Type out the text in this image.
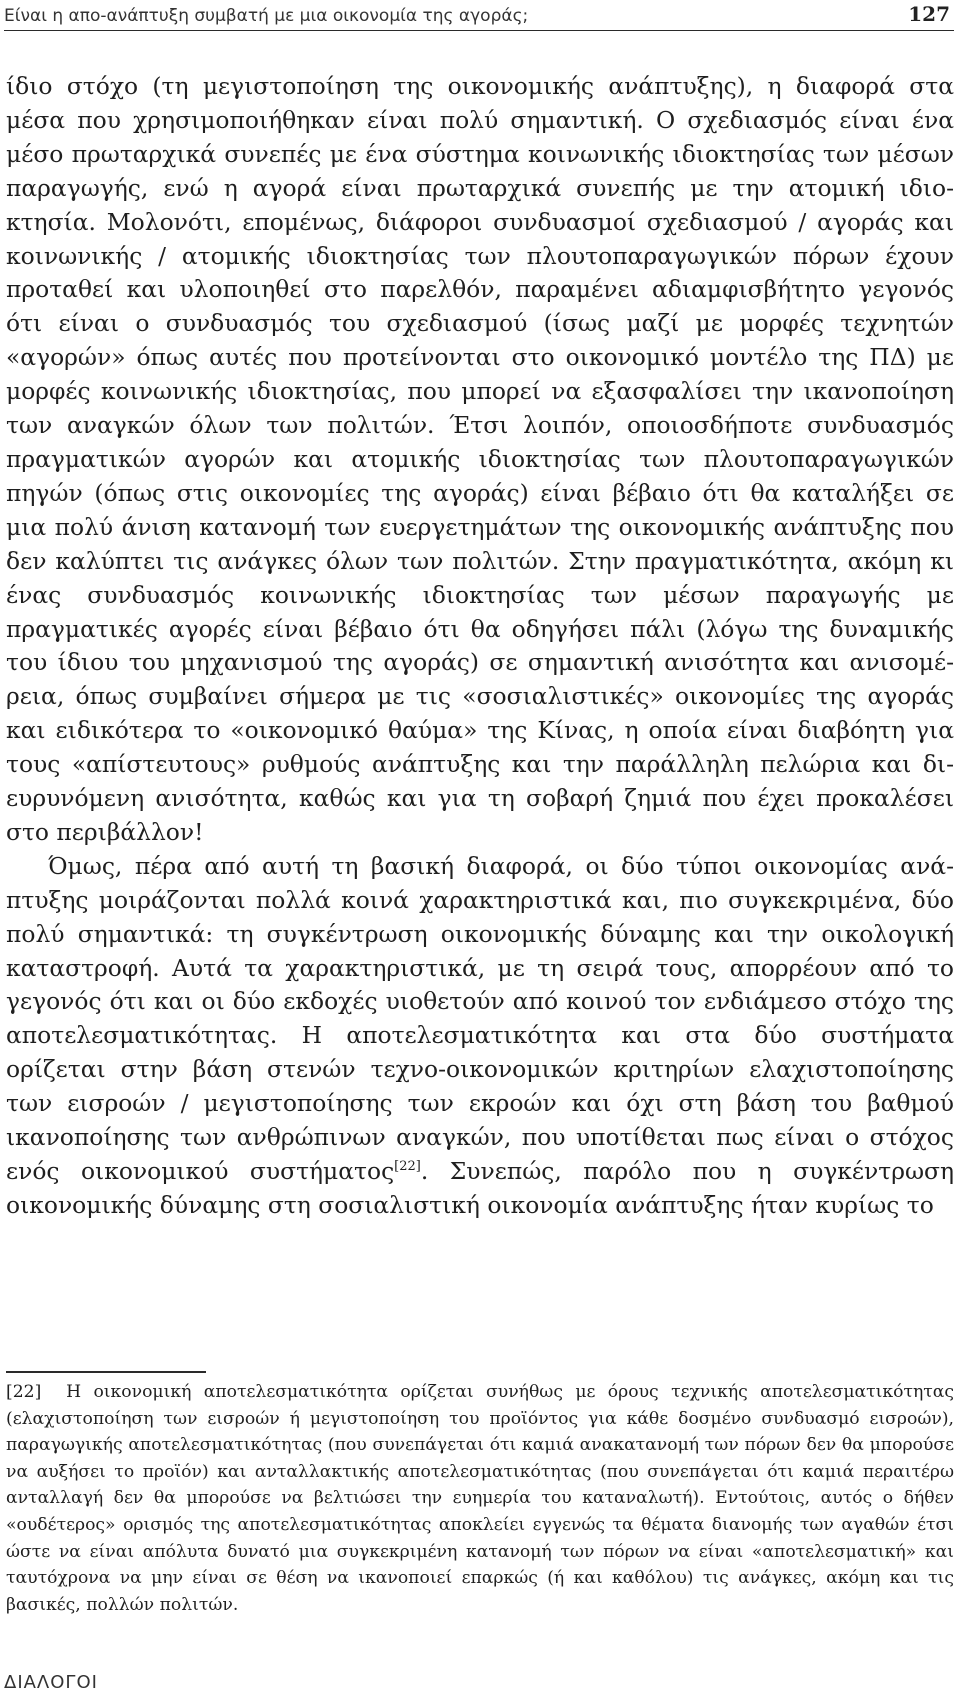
Είναι η απο-ανάπτυξη συμβατή με μια οικονομία της αγοράς;	127

ίδιο στόχο (τη μεγιστοποίηση της οικονομικής ανάπτυξης), η διαφορά στα μέσα που χρησιμοποιήθηκαν είναι πολύ σημαντική. Ο σχεδιασμός είναι ένα μέσο πρωταρχικά συνεπές με ένα σύστημα κοινωνικής ιδιοκτησίας των μέσων παραγωγής, ενώ η αγορά είναι πρωταρχικά συνεπής με την ατομική ιδιοκτησία. Μολονότι, επομένως, διάφοροι συνδυασμοί σχεδιασμού / αγοράς και κοινωνικής / ατομικής ιδιοκτησίας των πλουτοπαραγωγικών πόρων έχουν προταθεί και υλοποιηθεί στο παρελθόν, παραμένει αδιαμφισβήτητο γεγονός ότι είναι ο συνδυασμός του σχεδιασμού (ίσως μαζί με μορφές τεχνητών «αγορών» όπως αυτές που προτείνονται στο οικονομικό μοντέλο της ΠΔ) με μορφές κοινωνικής ιδιοκτησίας, που μπορεί να εξασφαλίσει την ικανοποίηση των αναγκών όλων των πολιτών. Έτσι λοιπόν, οποιοσδήποτε συνδυασμός πραγματικών αγορών και ατομικής ιδιοκτησίας των πλουτοπαραγωγικών πηγών (όπως στις οικονομίες της αγοράς) είναι βέβαιο ότι θα καταλήξει σε μια πολύ άνιση κατανομή των ευεργετημάτων της οικονομικής ανάπτυξης που δεν καλύπτει τις ανάγκες όλων των πολιτών. Στην πραγματικότητα, ακόμη κι ένας συνδυασμός κοινωνικής ιδιοκτησίας των μέσων παραγωγής με πραγματικές αγορές είναι βέβαιο ότι θα οδηγήσει πάλι (λόγω της δυναμικής του ίδιου του μηχανισμού της αγοράς) σε σημαντική ανισότητα και ανισομέρεια, όπως συμβαίνει σήμερα με τις «σοσιαλιστικές» οικονομίες της αγοράς και ειδικότερα το «οικονομικό θαύμα» της Κίνας, η οποία είναι διαβόητη για τους «απίστευτους» ρυθμούς ανάπτυξης και την παράλληλη πελώρια και διευρυνόμενη ανισότητα, καθώς και για τη σοβαρή ζημιά που έχει προκαλέσει στο περιβάλλον!

Όμως, πέρα από αυτή τη βασική διαφορά, οι δύο τύποι οικονομίας ανάπτυξης μοιράζονται πολλά κοινά χαρακτηριστικά και, πιο συγκεκριμένα, δύο πολύ σημαντικά: τη συγκέντρωση οικονομικής δύναμης και την οικολογική καταστροφή. Αυτά τα χαρακτηριστικά, με τη σειρά τους, απορρέουν από το γεγονός ότι και οι δύο εκδοχές υιοθετούν από κοινού τον ενδιάμεσο στόχο της αποτελεσματικότητας. Η αποτελεσματικότητα και στα δύο συστήματα ορίζεται στην βάση στενών τεχνο-οικονομικών κριτηρίων ελαχιστοποίησης των εισροών / μεγιστοποίησης των εκροών και όχι στη βάση του βαθμού ικανοποίησης των ανθρώπινων αναγκών, που υποτίθεται πως είναι ο στόχος ενός οικονομικού συστήματος[22]. Συνεπώς, παρόλο που η συγκέντρωση οικονομικής δύναμης στη σοσιαλιστική οικονομία ανάπτυξης ήταν κυρίως το

[22] Η οικονομική αποτελεσματικότητα ορίζεται συνήθως με όρους τεχνικής αποτελεσματικότητας (ελαχιστοποίηση των εισροών ή μεγιστοποίηση του προϊόντος για κάθε δοσμένο συνδυασμό εισροών), παραγωγικής αποτελεσματικότητας (που συνεπάγεται ότι καμιά ανακατανομή των πόρων δεν θα μπορούσε να αυξήσει το προϊόν) και ανταλλακτικής αποτελεσματικότητας (που συνεπάγεται ότι καμιά περαιτέρω ανταλλαγή δεν θα μπορούσε να βελτιώσει την ευημερία του καταναλωτή). Εντούτοις, αυτός ο δήθεν «ουδέτερος» ορισμός της αποτελεσματικότητας αποκλείει εγγενώς τα θέματα διανομής των αγαθών έτσι ώστε να είναι απόλυτα δυνατό μια συγκεκριμένη κατανομή των πόρων να είναι «αποτελεσματική» και ταυτόχρονα να μην είναι σε θέση να ικανοποιεί επαρκώς (ή και καθόλου) τις ανάγκες, ακόμη και τις βασικές, πολλών πολιτών.

ΔΙΑΛΟΓΟΙ
